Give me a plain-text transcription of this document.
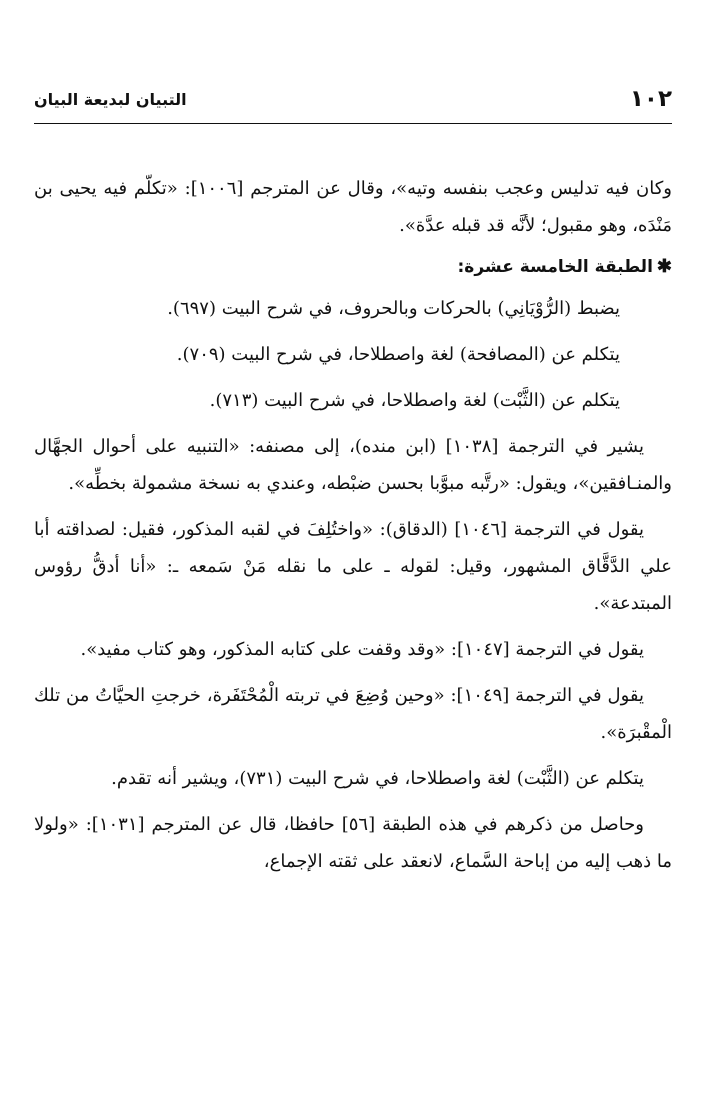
١٠٢
التبيان لبديعة البيان

وكان فيه تدليس وعجب بنفسه وتيه»، وقال عن المترجم [١٠٠٦]: «تكلّم فيه يحيى بن مَنْدَه، وهو مقبول؛ لأنَّه قد قبله عدَّة».

✱الطبقة الخامسة عشرة:

يضبط (الرُّوْيَانِي) بالحركات وبالحروف، في شرح البيت (٦٩٧).

يتكلم عن (المصافحة) لغة واصطلاحا، في شرح البيت (٧٠٩).

يتكلم عن (الثَّبْت) لغة واصطلاحا، في شرح البيت (٧١٣).

يشير في الترجمة [١٠٣٨] (ابن منده)، إلى مصنفه: «التنبيه على أحوال الجهَّال والمنـافقين»، ويقول: «رتَّبه مبوَّبا بحسن ضبْطه، وعندي به نسخة مشمولة بخطِّه».

يقول في الترجمة [١٠٤٦] (الدقاق): «واختُلِفَ في لقبه المذكور، فقيل: لصداقته أبا علي الدَّقَّاق المشهور، وقيل: لقوله ـ على ما نقله مَنْ سَمعه ـ: «أنا أدقُّ رؤوس المبتدعة».

يقول في الترجمة [١٠٤٧]: «وقد وقفت على كتابه المذكور، وهو كتاب مفيد».

يقول في الترجمة [١٠٤٩]: «وحين وُضِعَ في تربته الْمُحْتَفَرة، خرجتِ الحيَّاتُ من تلك الْمقْبرَة».

يتكلم عن (الثَّبْت) لغة واصطلاحا، في شرح البيت (٧٣١)، ويشير أنه تقدم.

وحاصل من ذكرهم في هذه الطبقة [٥٦] حافظا، قال عن المترجم [١٠٣١]: «ولولا ما ذهب إليه من إباحة السَّماع، لانعقد على ثقته الإجماع،
